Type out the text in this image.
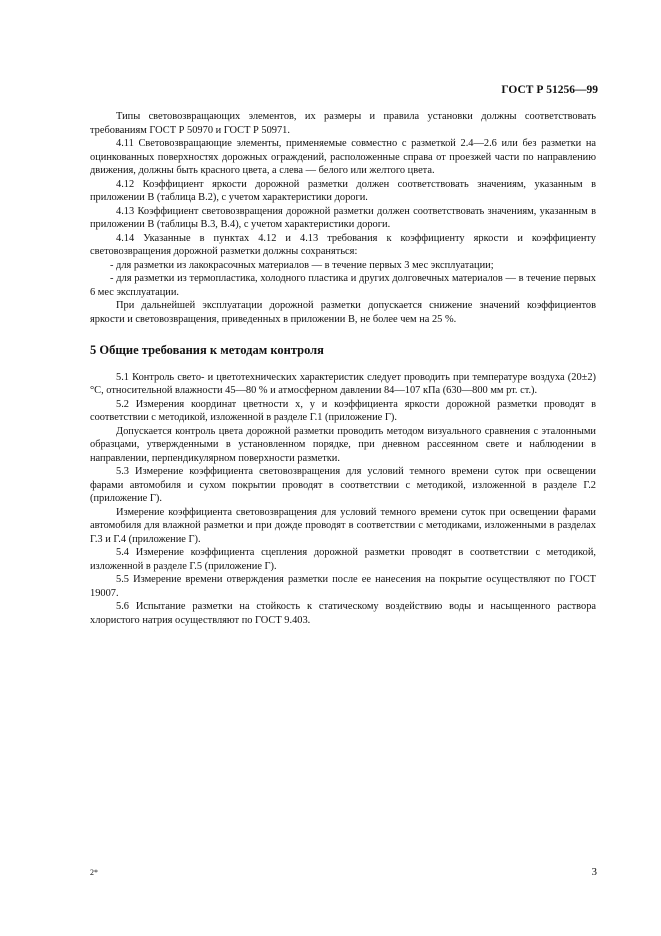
ГОСТ Р 51256—99

Типы световозвращающих элементов, их размеры и правила установки должны соответствовать требованиям ГОСТ Р 50970 и ГОСТ Р 50971.

4.11 Световозвращающие элементы, применяемые совместно с разметкой 2.4—2.6 или без разметки на оцинкованных поверхностях дорожных ограждений, расположенные справа от проезжей части по направлению движения, должны быть красного цвета, а слева — белого или желтого цвета.

4.12 Коэффициент яркости дорожной разметки должен соответствовать значениям, указанным в приложении В (таблица В.2), с учетом характеристики дороги.

4.13 Коэффициент световозвращения дорожной разметки должен соответствовать значениям, указанным в приложении В (таблицы В.3, В.4), с учетом характеристики дороги.

4.14 Указанные в пунктах 4.12 и 4.13 требования к коэффициенту яркости и коэффициенту световозвращения дорожной разметки должны сохраняться:

- для разметки из лакокрасочных материалов — в течение первых 3 мес эксплуатации;

- для разметки из термопластика, холодного пластика и других долговечных материалов — в течение первых 6 мес эксплуатации.

При дальнейшей эксплуатации дорожной разметки допускается снижение значений коэффициентов яркости и световозвращения, приведенных в приложении В, не более чем на 25 %.

5 Общие требования к методам контроля

5.1 Контроль свето- и цветотехнических характеристик следует проводить при температуре воздуха (20±2) °С, относительной влажности 45—80 % и атмосферном давлении 84—107 кПа (630—800 мм рт. ст.).

5.2 Измерения координат цветности x, y и коэффициента яркости дорожной разметки проводят в соответствии с методикой, изложенной в разделе Г.1 (приложение Г).

Допускается контроль цвета дорожной разметки проводить методом визуального сравнения с эталонными образцами, утвержденными в установленном порядке, при дневном рассеянном свете и наблюдении в направлении, перпендикулярном поверхности разметки.

5.3 Измерение коэффициента световозвращения для условий темного времени суток при освещении фарами автомобиля и сухом покрытии проводят в соответствии с методикой, изложенной в разделе Г.2 (приложение Г).

Измерение коэффициента световозвращения для условий темного времени суток при освещении фарами автомобиля для влажной разметки и при дожде проводят в соответствии с методиками, изложенными в разделах Г.3 и Г.4 (приложение Г).

5.4 Измерение коэффициента сцепления дорожной разметки проводят в соответствии с методикой, изложенной в разделе Г.5 (приложение Г).

5.5 Измерение времени отверждения разметки после ее нанесения на покрытие осуществляют по ГОСТ 19007.

5.6 Испытание разметки на стойкость к статическому воздействию воды и насыщенного раствора хлористого натрия осуществляют по ГОСТ 9.403.

2*	3
